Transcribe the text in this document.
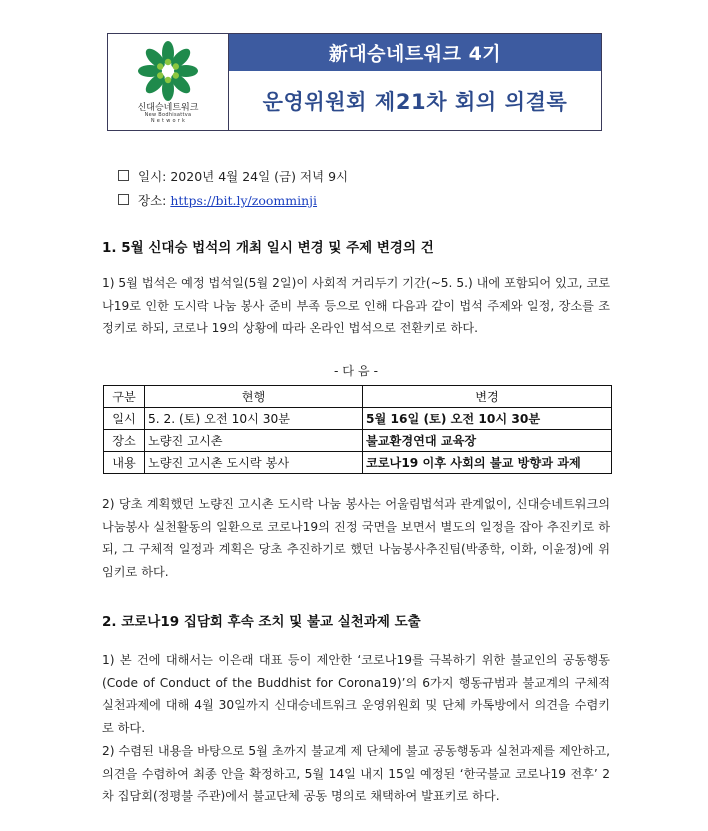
신대승네트워크
New Bodhisattva
N e t w o r k
新대승네트워크 4기
운영위원회 제21차 회의 의결록
일시: 2020년 4월 24일 (금) 저녁 9시
장소: https://bit.ly/zoomminji
1. 5월 신대승 법석의 개최 일시 변경 및 주제 변경의 건

1) 5월 법석은 예정 법석일(5월 2일)이 사회적 거리두기 기간(~5. 5.) 내에 포함되어 있고, 코로나19로 인한 도시락 나눔 봉사 준비 부족 등으로 인해 다음과 같이 법석 주제와 일정, 장소를 조정키로 하되, 코로나 19의 상황에 따라 온라인 법석으로 전환키로 하다.

- 다 음 -
구분	현행	변경
일시	5. 2. (토) 오전 10시 30분	5월 16일 (토) 오전 10시 30분
장소	노량진 고시촌	불교환경연대 교육장
내용	노량진 고시촌 도시락 봉사	코로나19 이후 사회의 불교 방향과 과제

2) 당초 계획했던 노량진 고시촌 도시락 나눔 봉사는 어울림법석과 관계없이, 신대승네트워크의 나눔봉사 실천활동의 일환으로 코로나19의 진정 국면을 보면서 별도의 일정을 잡아 추진키로 하되, 그 구체적 일정과 계획은 당초 추진하기로 했던 나눔봉사추진팀(박종학, 이화, 이윤정)에 위임키로 하다.

2. 코로나19 집담회 후속 조치 및 불교 실천과제 도출

1) 본 건에 대해서는 이은래 대표 등이 제안한 ‘코로나19를 극복하기 위한 불교인의 공동행동(Code of Conduct of the Buddhist for Corona19)’의 6가지 행동규범과 불교계의 구체적 실천과제에 대해 4월 30일까지 신대승네트워크 운영위원회 및 단체 카톡방에서 의견을 수렴키로 하다.

2) 수렴된 내용을 바탕으로 5월 초까지 불교계 제 단체에 불교 공동행동과 실천과제를 제안하고, 의견을 수렴하여 최종 안을 확정하고, 5월 14일 내지 15일 예정된 ‘한국불교 코로나19 전후’ 2차 집담회(정평불 주관)에서 불교단체 공동 명의로 채택하여 발표키로 하다.
